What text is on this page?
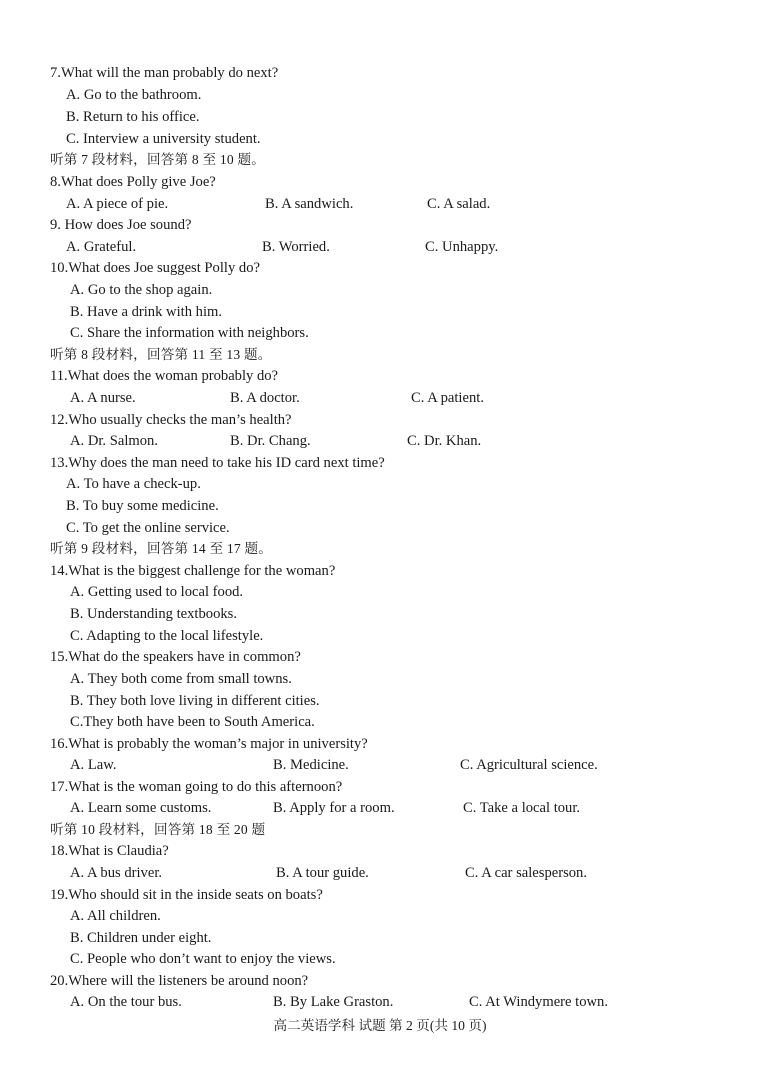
7.What will the man probably do next?
A. Go to the bathroom.
B. Return to his office.
C. Interview a university student.
听第 7 段材料，回答第 8 至 10 题。
8.What does Polly give Joe?
A. A piece of pie.	B. A sandwich.	C. A salad.
9. How does Joe sound?
A. Grateful.	B. Worried.	C. Unhappy.
10.What does Joe suggest Polly do?
A. Go to the shop again.
B. Have a drink with him.
C. Share the information with neighbors.
听第 8 段材料，回答第 11 至 13 题。
11.What does the woman probably do?
A. A nurse.	B. A doctor.	C. A patient.
12.Who usually checks the man’s health?
A. Dr. Salmon.	B. Dr. Chang.	C. Dr. Khan.
13.Why does the man need to take his ID card next time?
A. To have a check-up.
B. To buy some medicine.
C. To get the online service.
听第 9 段材料，回答第 14 至 17 题。
14.What is the biggest challenge for the woman?
A. Getting used to local food.
B. Understanding textbooks.
C. Adapting to the local lifestyle.
15.What do the speakers have in common?
A. They both come from small towns.
B. They both love living in different cities.
C.They both have been to South America.
16.What is probably the woman’s major in university?
A. Law.	B. Medicine.	C. Agricultural science.
17.What is the woman going to do this afternoon?
A. Learn some customs.	B. Apply for a room.	C. Take a local tour.
听第 10 段材料，回答第 18 至 20 题
18.What is Claudia?
A. A bus driver.	B. A tour guide.	C. A car salesperson.
19.Who should sit in the inside seats on boats?
A. All children.
B. Children under eight.
C. People who don’t want to enjoy the views.
20.Where will the listeners be around noon?
A. On the tour bus.	B. By Lake Graston.	C. At Windymere town.
高二英语学科 试题 第 2 页(共 10 页)
